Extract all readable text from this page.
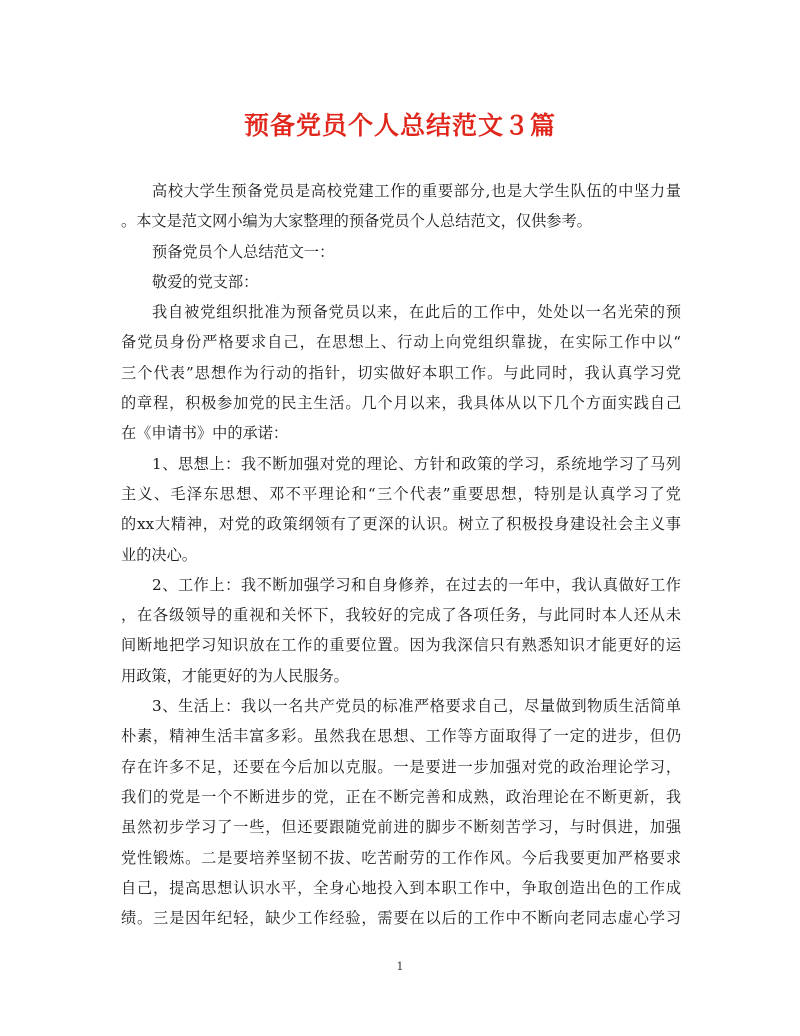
预备党员个人总结范文３篇
高校大学生预备党员是高校党建工作的重要部分,也是大学生队伍的中坚力量
。本文是范文网小编为大家整理的预备党员个人总结范文，仅供参考。
预备党员个人总结范文一：
敬爱的党支部：
我自被党组织批准为预备党员以来，在此后的工作中，处处以一名光荣的预
备党员身份严格要求自己，在思想上、行动上向党组织靠拢，在实际工作中以“
三个代表”思想作为行动的指针，切实做好本职工作。与此同时，我认真学习党
的章程，积极参加党的民主生活。几个月以来，我具体从以下几个方面实践自己
在《申请书》中的承诺：
1、思想上：我不断加强对党的理论、方针和政策的学习，系统地学习了马列
主义、毛泽东思想、邓不平理论和“三个代表”重要思想，特别是认真学习了党
的xx大精神，对党的政策纲领有了更深的认识。树立了积极投身建设社会主义事
业的决心。
2、工作上：我不断加强学习和自身修养，在过去的一年中，我认真做好工作
，在各级领导的重视和关怀下，我较好的完成了各项任务，与此同时本人还从未
间断地把学习知识放在工作的重要位置。因为我深信只有熟悉知识才能更好的运
用政策，才能更好的为人民服务。
3、生活上：我以一名共产党员的标准严格要求自己，尽量做到物质生活简单
朴素，精神生活丰富多彩。虽然我在思想、工作等方面取得了一定的进步，但仍
存在许多不足，还要在今后加以克服。一是要进一步加强对党的政治理论学习，
我们的党是一个不断进步的党，正在不断完善和成熟，政治理论在不断更新，我
虽然初步学习了一些，但还要跟随党前进的脚步不断刻苦学习，与时俱进，加强
党性锻炼。二是要培养坚韧不拔、吃苦耐劳的工作作风。今后我要更加严格要求
自己，提高思想认识水平，全身心地投入到本职工作中，争取创造出色的工作成
绩。三是因年纪轻，缺少工作经验，需要在以后的工作中不断向老同志虚心学习
1
